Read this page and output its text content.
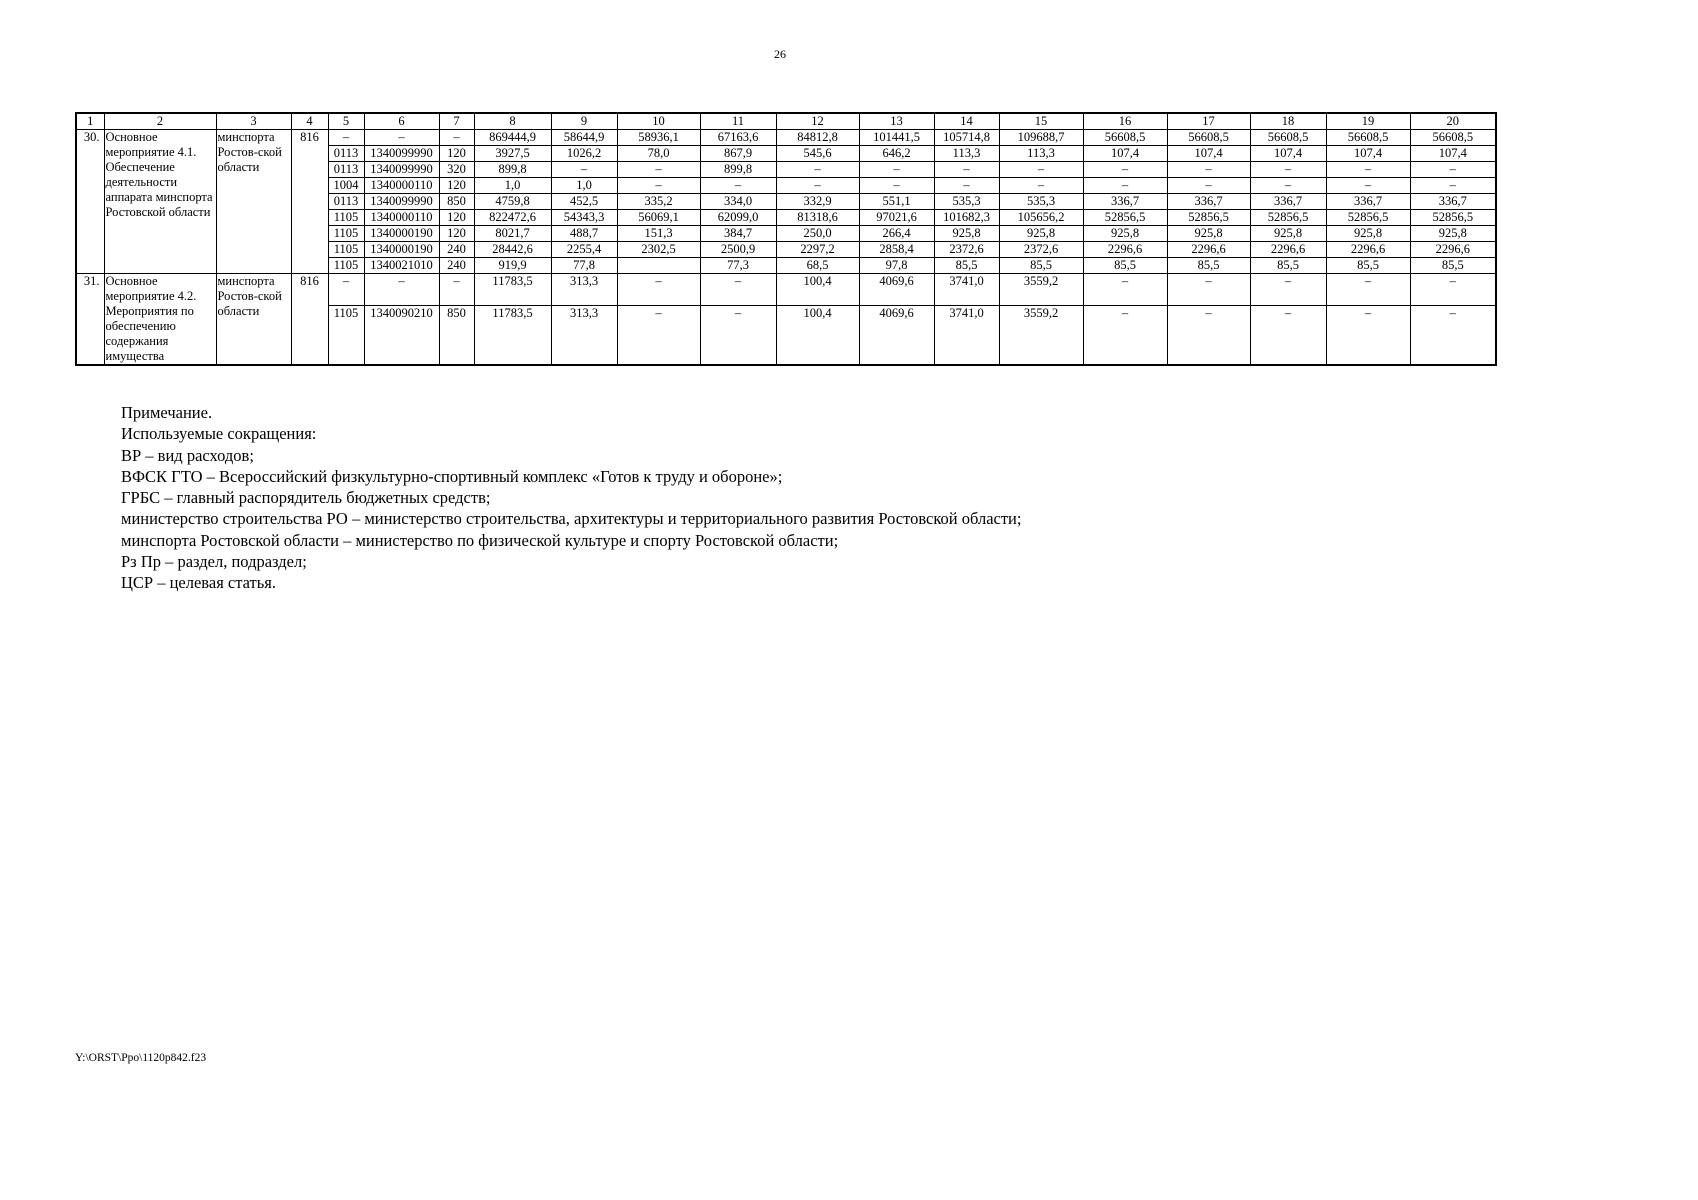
26
1	2	3	4	5	6	7	8	9	10	11	12	13	14	15	16	17	18	19	20
30.	Основное мероприятие 4.1. Обеспечение деятельности аппарата минспорта Ростовской области	минспорта Ростов-ской области	816	–	–	–	869444,9	58644,9	58936,1	67163,6	84812,8	101441,5	105714,8	109688,7	56608,5	56608,5	56608,5	56608,5	56608,5
				0113	1340099990	120	3927,5	1026,2	78,0	867,9	545,6	646,2	113,3	113,3	107,4	107,4	107,4	107,4	107,4
				0113	1340099990	320	899,8	–	–	899,8	–	–	–	–	–	–	–	–	–
				1004	1340000110	120	1,0	1,0	–	–	–	–	–	–	–	–	–	–	–
				0113	1340099990	850	4759,8	452,5	335,2	334,0	332,9	551,1	535,3	535,3	336,7	336,7	336,7	336,7	336,7
				1105	1340000110	120	822472,6	54343,3	56069,1	62099,0	81318,6	97021,6	101682,3	105656,2	52856,5	52856,5	52856,5	52856,5	52856,5
				1105	1340000190	120	8021,7	488,7	151,3	384,7	250,0	266,4	925,8	925,8	925,8	925,8	925,8	925,8	925,8
				1105	1340000190	240	28442,6	2255,4	2302,5	2500,9	2297,2	2858,4	2372,6	2372,6	2296,6	2296,6	2296,6	2296,6	2296,6
				1105	1340021010	240	919,9	77,8		77,3	68,5	97,8	85,5	85,5	85,5	85,5	85,5	85,5	85,5
31.	Основное мероприятие 4.2. Мероприятия по обеспечению содержания имущества	минспорта Ростов-ской области	816	–	–	–	11783,5	313,3	–	–	100,4	4069,6	3741,0	3559,2	–	–	–	–	–
				1105	1340090210	850	11783,5	313,3	–	–	100,4	4069,6	3741,0	3559,2	–	–	–	–	–
Примечание.
Используемые сокращения:
ВР – вид расходов;
ВФСК ГТО – Всероссийский физкультурно-спортивный комплекс «Готов к труду и обороне»;
ГРБС – главный распорядитель бюджетных средств;
министерство строительства РО – министерство строительства, архитектуры и территориального развития Ростовской области;
минспорта Ростовской области – министерство по физической культуре и спорту Ростовской области;
Рз Пр – раздел, подраздел;
ЦСР – целевая статья.
Y:\ORST\Ppo\1120p842.f23
